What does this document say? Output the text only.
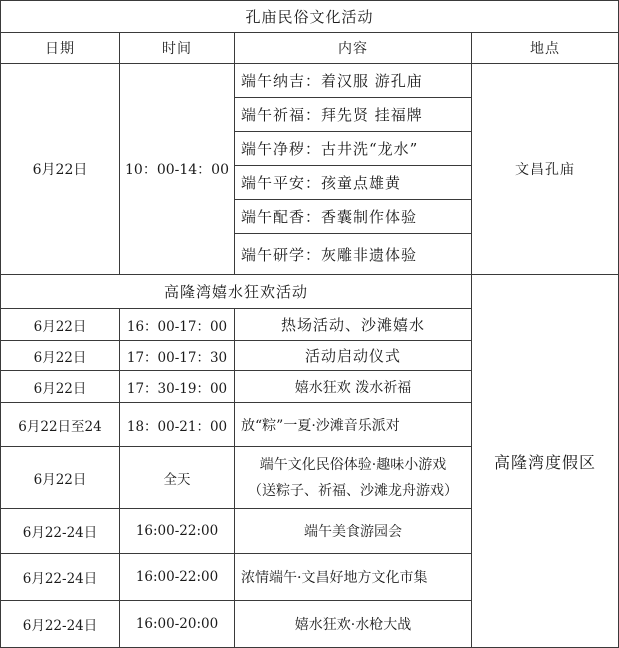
孔庙民俗文化活动			
日期	时间	内容	地点
6月22日	10：00-14：00	端午纳吉：着汉服 游孔庙	文昌孔庙
		端午祈福：拜先贤 挂福牌	
		端午净秽：古井洗“龙水”	
		端午平安：孩童点雄黄	
		端午配香：香囊制作体验	
		端午研学：灰雕非遗体验	
高隆湾嬉水狂欢活动			高隆湾度假区
6月22日	16：00-17：00	热场活动、沙滩嬉水	
6月22日	17：00-17：30	活动启动仪式	
6月22日	17：30-19：00	嬉水狂欢 泼水祈福	
6月22日至24	18：00-21：00	放“粽”一夏·沙滩音乐派对	
6月22日	全天	端午文化民俗体验·趣味小游戏
（送粽子、祈福、沙滩龙舟游戏）	

6月22-24日	16:00-22:00	端午美食游园会	
6月22-24日	16:00-22:00	浓情端午·文昌好地方文化市集	
6月22-24日	16:00-20:00	嬉水狂欢·水枪大战	
